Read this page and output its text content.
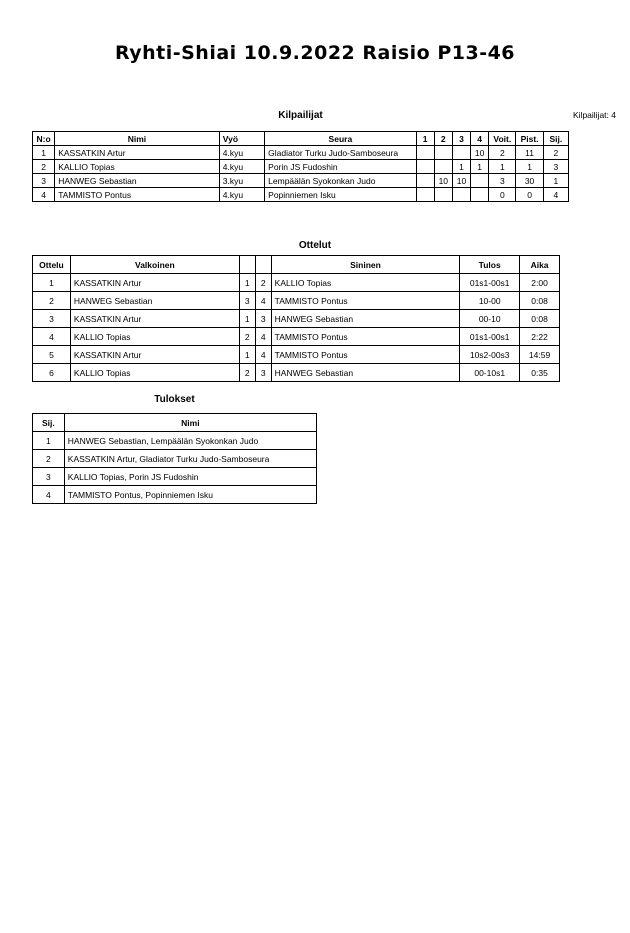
Ryhti-Shiai 10.9.2022 Raisio P13-46
Kilpailijat: 4
Kilpailijat
N:o	Nimi	Vyö	Seura	1	2	3	4	Voit.	Pist.	Sij.
1	KASSATKIN Artur	4.kyu	Gladiator Turku Judo-Samboseura				10	2	11	2
2	KALLIO Topias	4.kyu	Porin JS Fudoshin			1	1	1	1	3
3	HANWEG Sebastian	3.kyu	Lempäälän Syokonkan Judo		10	10		3	30	1
4	TAMMISTO Pontus	4.kyu	Popinniemen Isku					0	0	4
Ottelut
Ottelu	Valkoinen			Sininen	Tulos	Aika
1	KASSATKIN Artur	1	2	KALLIO Topias	01s1-00s1	2:00
2	HANWEG Sebastian	3	4	TAMMISTO Pontus	10-00	0:08
3	KASSATKIN Artur	1	3	HANWEG Sebastian	00-10	0:08
4	KALLIO Topias	2	4	TAMMISTO Pontus	01s1-00s1	2:22
5	KASSATKIN Artur	1	4	TAMMISTO Pontus	10s2-00s3	14:59
6	KALLIO Topias	2	3	HANWEG Sebastian	00-10s1	0:35
Tulokset
Sij.	Nimi
1	HANWEG Sebastian, Lempäälän Syokonkan Judo
2	KASSATKIN Artur, Gladiator Turku Judo-Samboseura
3	KALLIO Topias, Porin JS Fudoshin
4	TAMMISTO Pontus, Popinniemen Isku
